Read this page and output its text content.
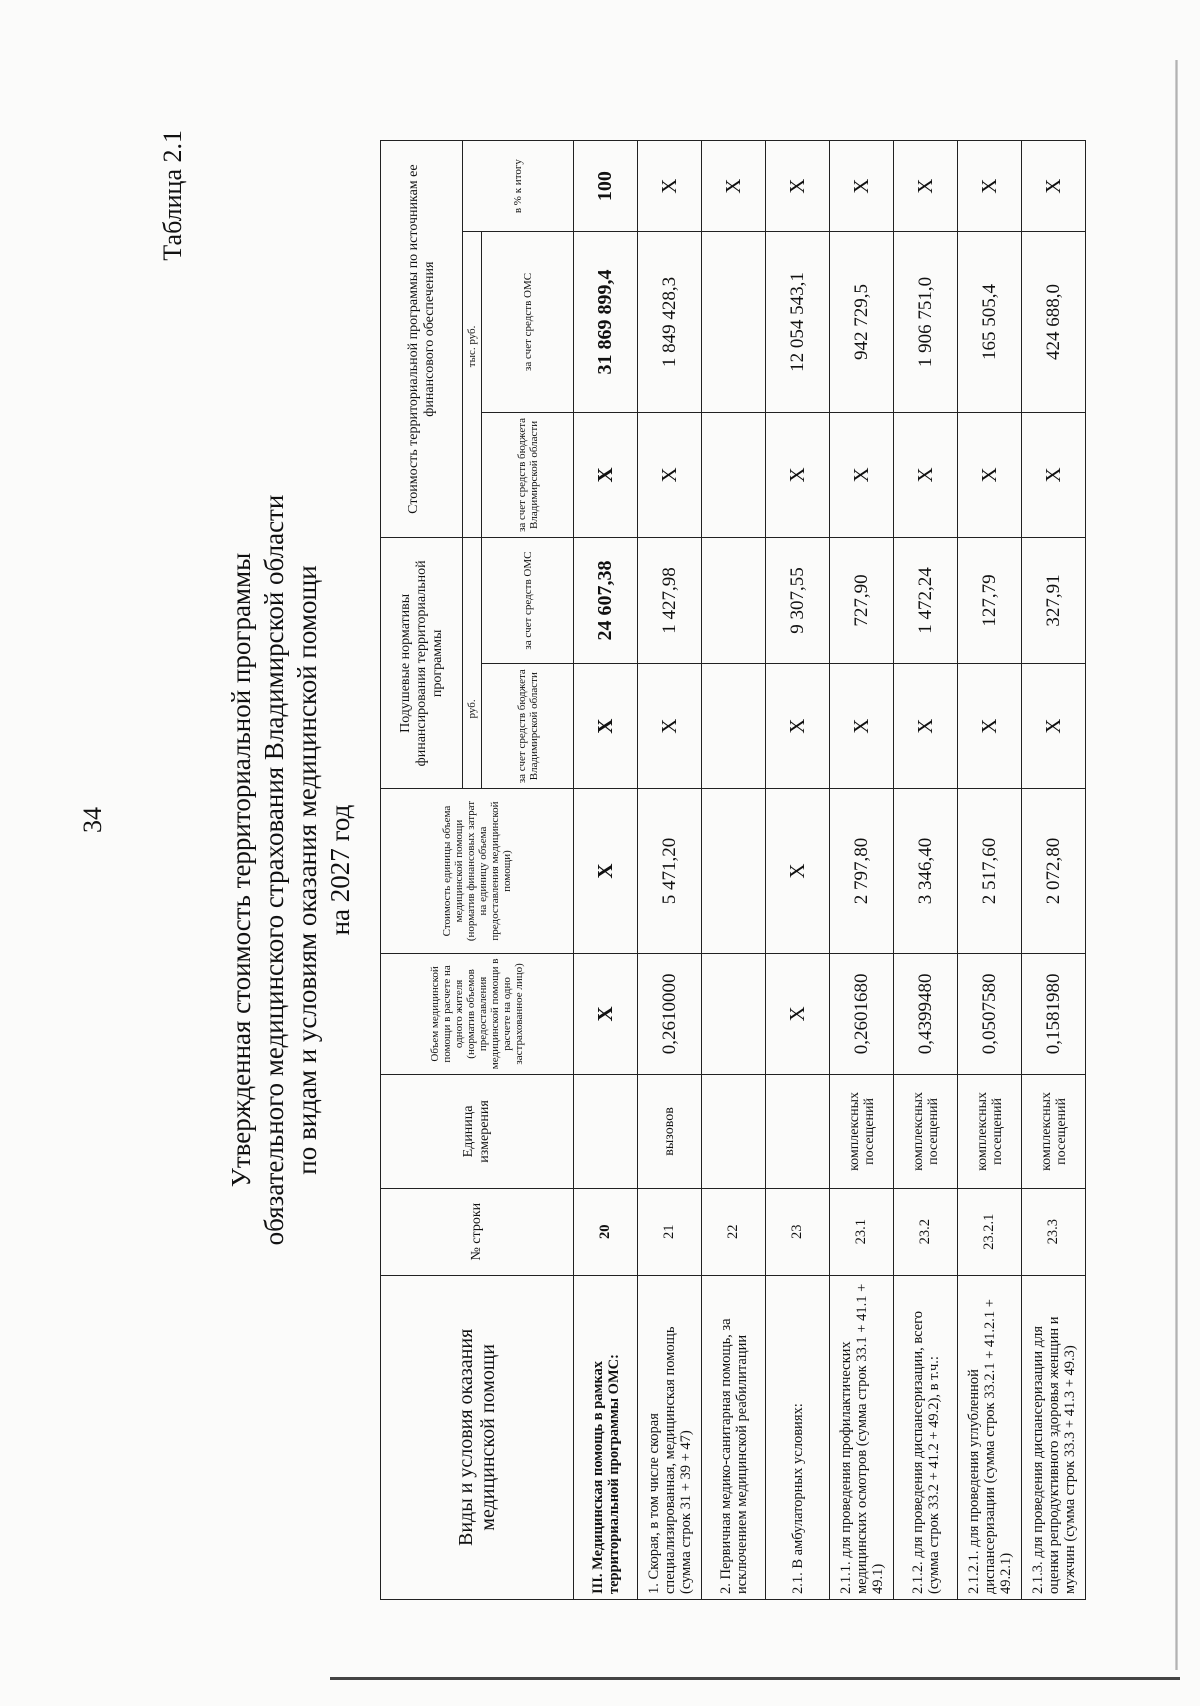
34
Таблица 2.1
Утвержденная стоимость территориальной программы обязательного медицинского страхования Владимирской области по видам и условиям оказания медицинской помощи на 2027 год
Виды и условия оказания медицинской помощи	№ строки	Единица измерения	Объем медицинской помощи в расчете на одного жителя (норматив объемов предоставления медицинской помощи в расчете на одно застрахованное лицо)	Стоимость единицы объема медицинской помощи (норматив финансовых затрат на единицу объема предоставления медицинской помощи)	Подушевые нормативы финансирования территориальной программы		Стоимость территориальной программы по источникам ее финансового обеспечения		
					руб.		тыс. руб.		в % к итогу
					за счет средств бюджета Владимирской области	за счет средств ОМС	за счет средств бюджета Владимирской области	за счет средств ОМС	
III. Медицинская помощь в рамках территориальной программы ОМС:	20		X	X	X	24 607,38	X	31 869 899,4	100
1. Скорая, в том числе скорая специализированная, медицинская помощь (сумма строк 31 + 39 + 47)	21	вызовов	0,2610000	5 471,20	X	1 427,98	X	1 849 428,3	X
2. Первичная медико-санитарная помощь, за исключением медицинской реабилитации	22								X
2.1. В амбулаторных условиях:	23		X	X	X	9 307,55	X	12 054 543,1	X
2.1.1. для проведения профилактических медицинских осмотров (сумма строк 33.1 + 41.1 + 49.1)	23.1	комплексных посещений	0,2601680	2 797,80	X	727,90	X	942 729,5	X
2.1.2. для проведения диспансеризации, всего (сумма строк 33.2 + 41.2 + 49.2), в т.ч.:	23.2	комплексных посещений	0,4399480	3 346,40	X	1 472,24	X	1 906 751,0	X
2.1.2.1. для проведения углубленной диспансеризации (сумма строк 33.2.1 + 41.2.1 + 49.2.1)	23.2.1	комплексных посещений	0,0507580	2 517,60	X	127,79	X	165 505,4	X
2.1.3. для проведения диспансеризации для оценки репродуктивного здоровья женщин и мужчин (сумма строк 33.3 + 41.3 + 49.3)	23.3	комплексных посещений	0,1581980	2 072,80	X	327,91	X	424 688,0	X
